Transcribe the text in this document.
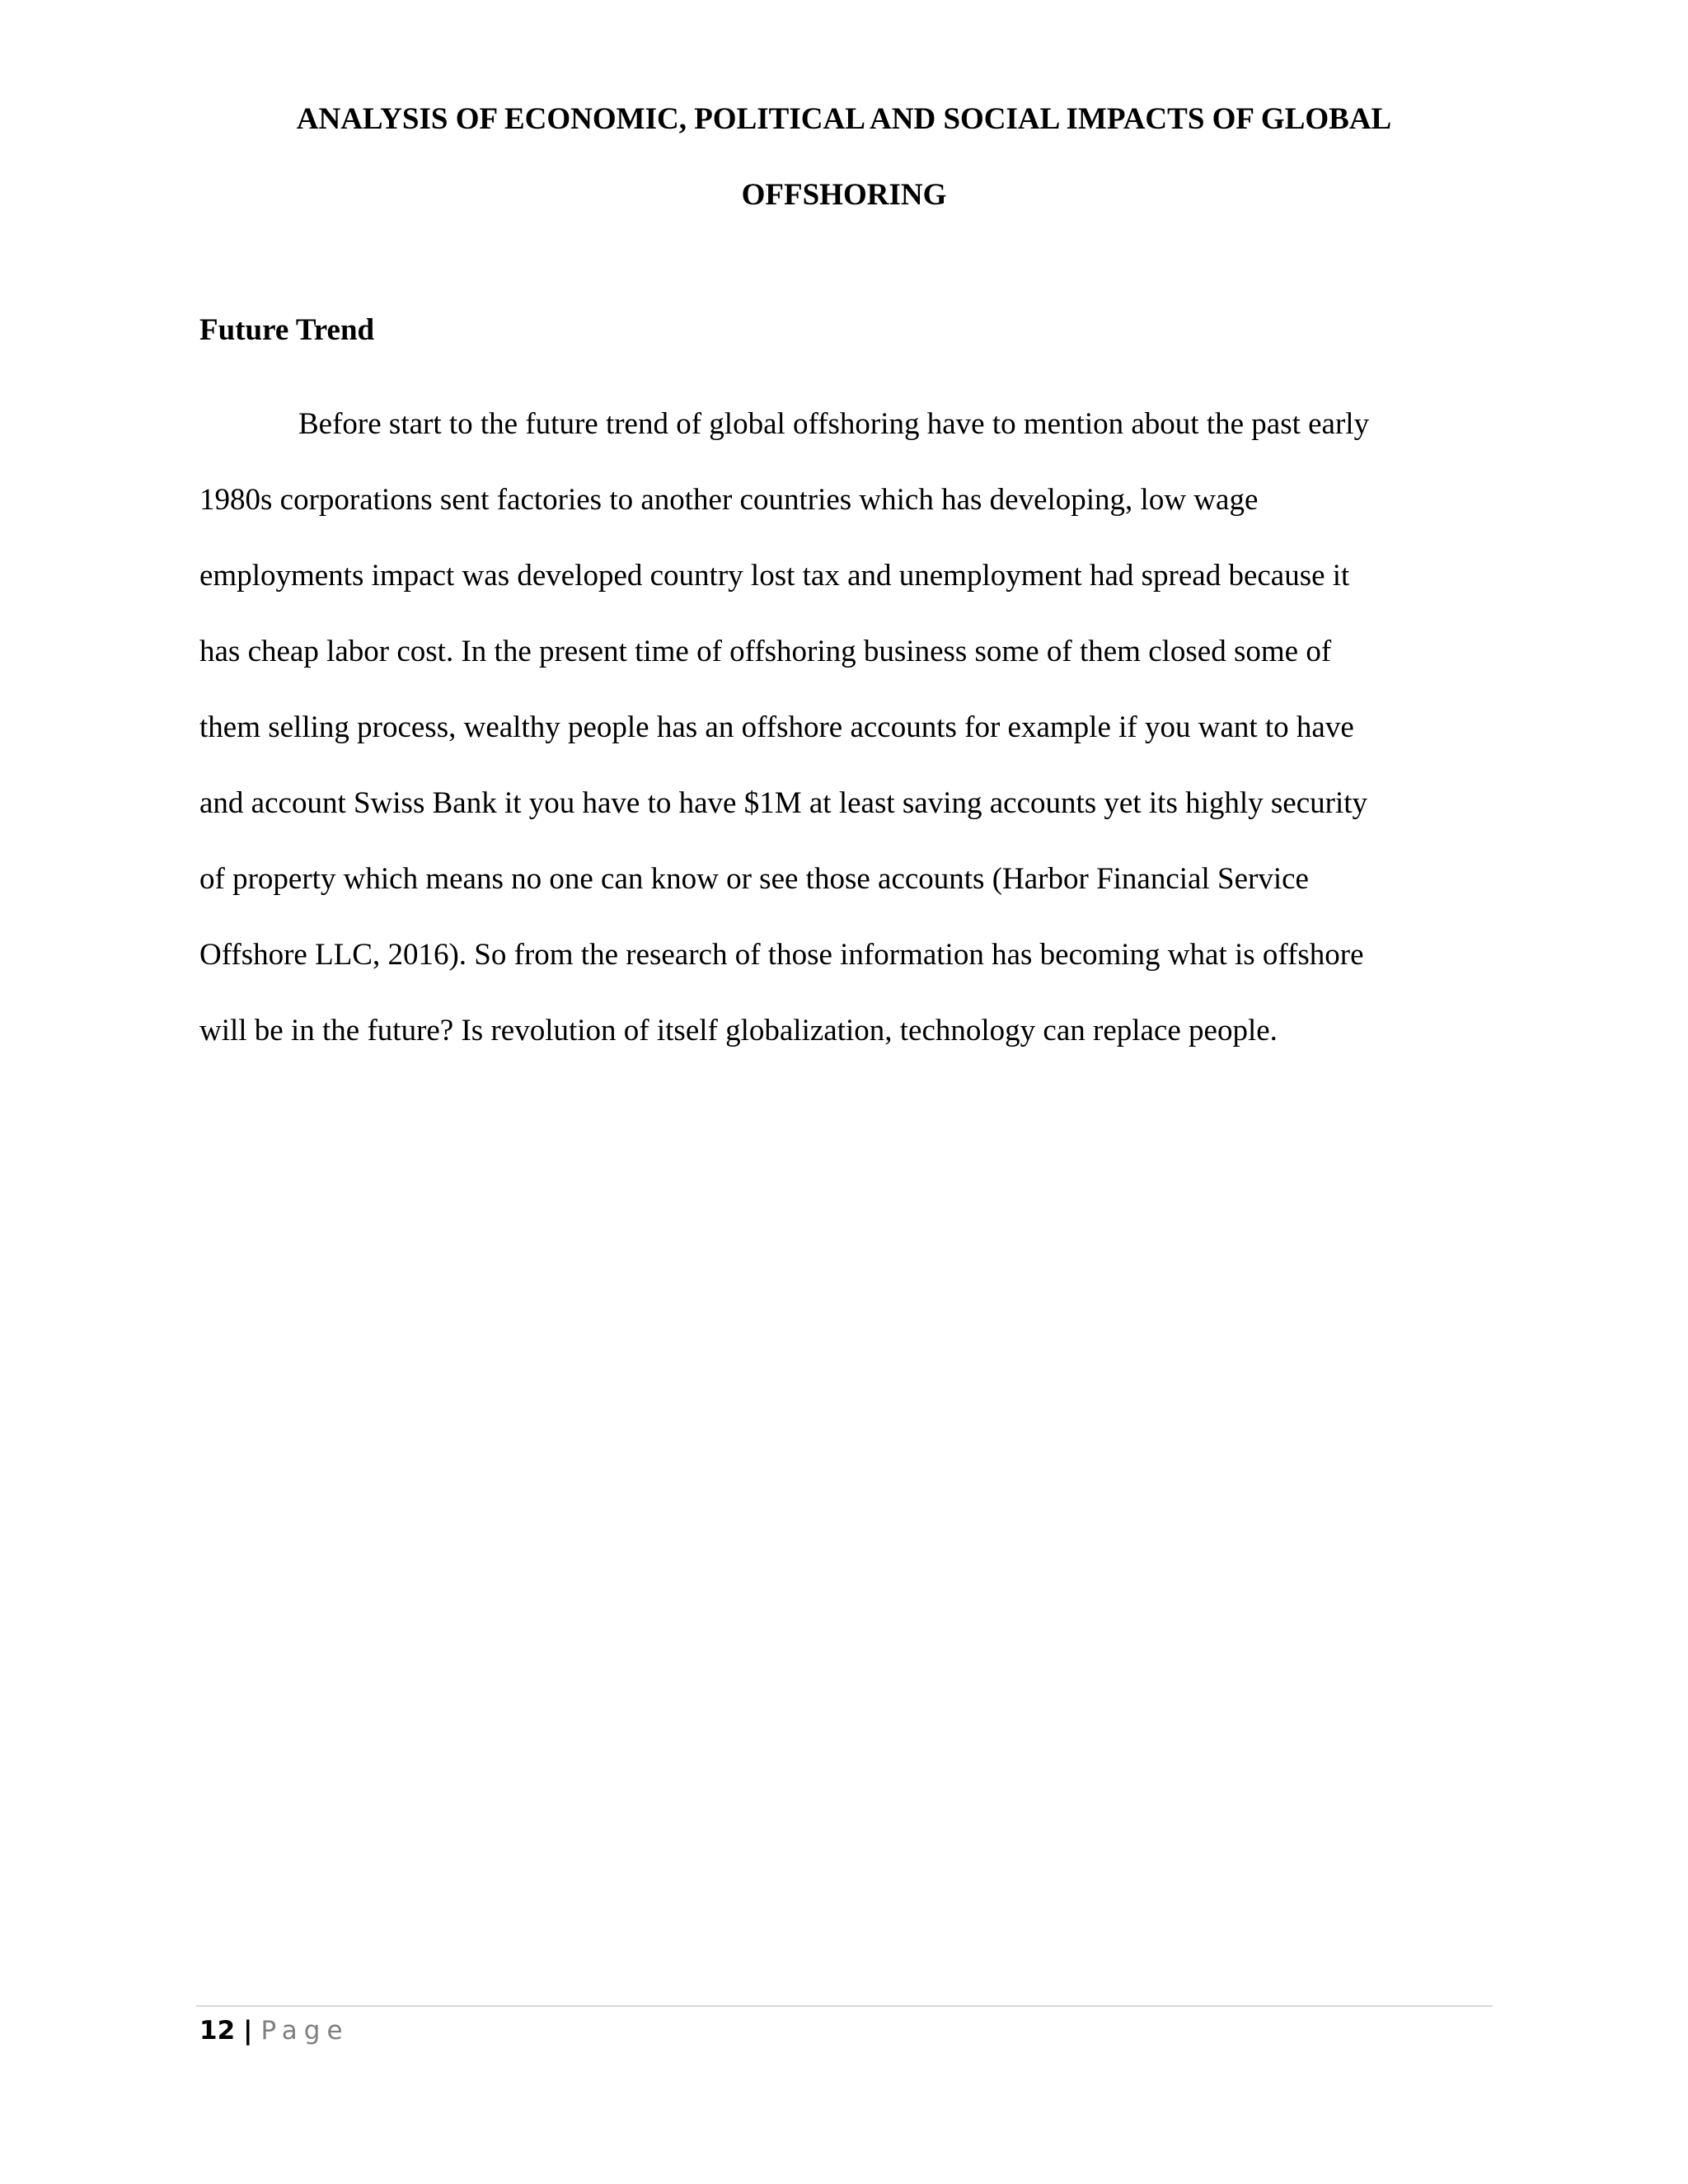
ANALYSIS OF ECONOMIC, POLITICAL AND SOCIAL IMPACTS OF GLOBAL
OFFSHORING
Future Trend
Before start to the future trend of global offshoring have to mention about the past early
1980s corporations sent factories to another countries which has developing, low wage
employments impact was developed country lost tax and unemployment had spread because it
has cheap labor cost. In the present time of offshoring business some of them closed some of
them selling process, wealthy people has an offshore accounts for example if you want to have
and account Swiss Bank it you have to have $1M at least saving accounts yet its highly security
of property which means no one can know or see those accounts (Harbor Financial Service
Offshore LLC, 2016). So from the research of those information has becoming what is offshore
will be in the future? Is revolution of itself globalization, technology can replace people.
12 | Page
